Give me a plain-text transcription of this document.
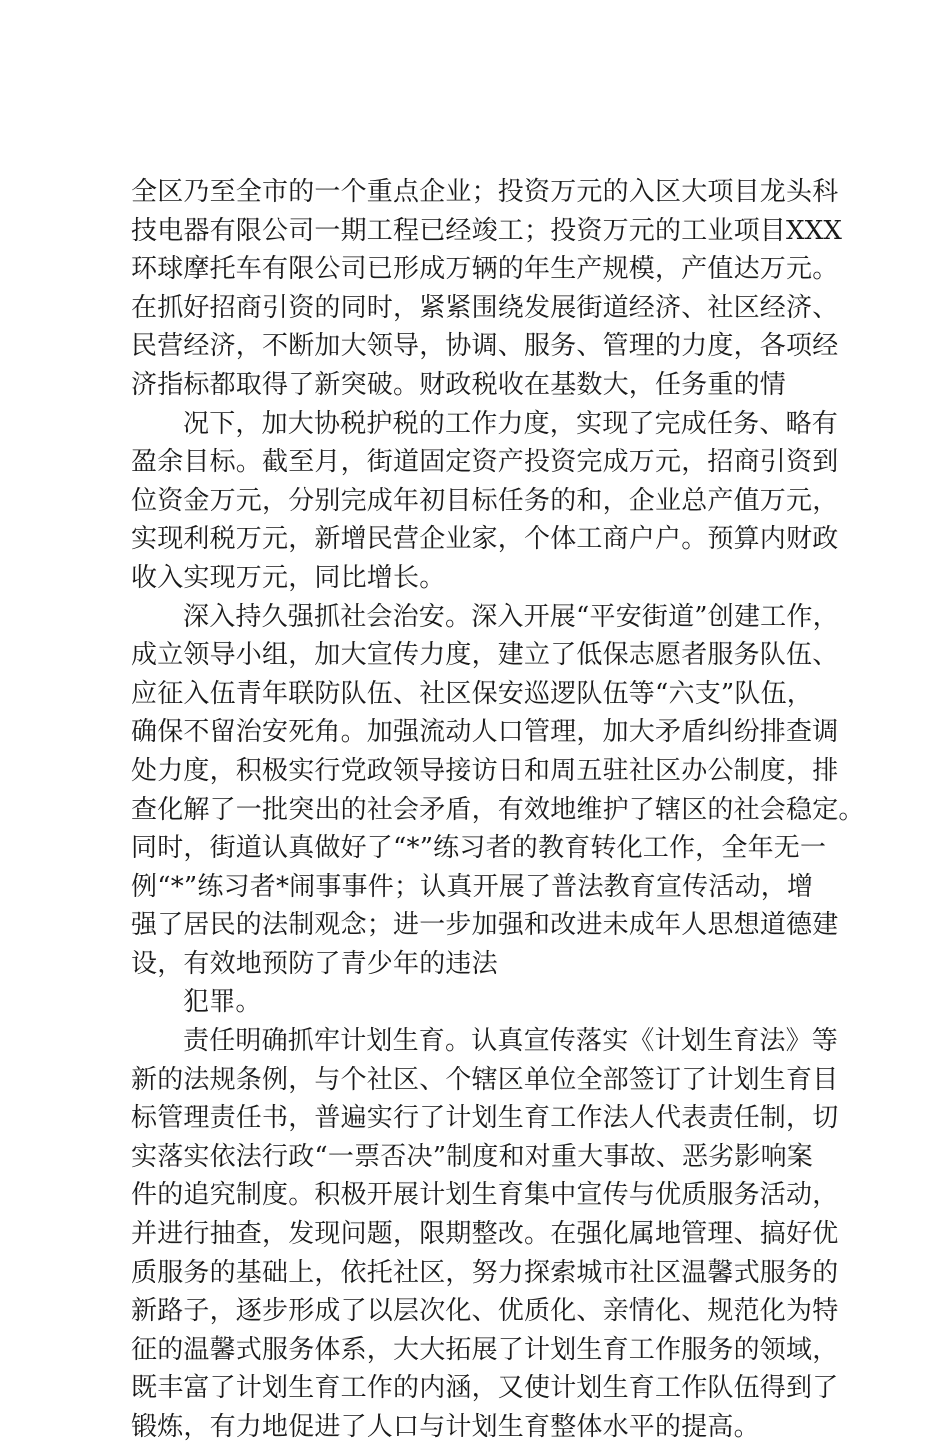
全区乃至全市的一个重点企业；投资万元的入区大项目龙头科
技电器有限公司一期工程已经竣工；投资万元的工业项目XXX
环球摩托车有限公司已形成万辆的年生产规模，产值达万元。
在抓好招商引资的同时，紧紧围绕发展街道经济、社区经济、
民营经济，不断加大领导，协调、服务、管理的力度，各项经
济指标都取得了新突破。财政税收在基数大，任务重的情
况下，加大协税护税的工作力度，实现了完成任务、略有
盈余目标。截至月，街道固定资产投资完成万元，招商引资到
位资金万元，分别完成年初目标任务的和，企业总产值万元，
实现利税万元，新增民营企业家，个体工商户户。预算内财政
收入实现万元，同比增长。
深入持久强抓社会治安。深入开展“平安街道”创建工作，
成立领导小组，加大宣传力度，建立了低保志愿者服务队伍、
应征入伍青年联防队伍、社区保安巡逻队伍等“六支”队伍，
确保不留治安死角。加强流动人口管理，加大矛盾纠纷排查调
处力度，积极实行党政领导接访日和周五驻社区办公制度，排
查化解了一批突出的社会矛盾，有效地维护了辖区的社会稳定。
同时，街道认真做好了“*”练习者的教育转化工作，全年无一
例“*”练习者*闹事事件；认真开展了普法教育宣传活动，增
强了居民的法制观念；进一步加强和改进未成年人思想道德建
设，有效地预防了青少年的违法
犯罪。
责任明确抓牢计划生育。认真宣传落实《计划生育法》等
新的法规条例，与个社区、个辖区单位全部签订了计划生育目
标管理责任书，普遍实行了计划生育工作法人代表责任制，切
实落实依法行政“一票否决”制度和对重大事故、恶劣影响案
件的追究制度。积极开展计划生育集中宣传与优质服务活动，
并进行抽查，发现问题，限期整改。在强化属地管理、搞好优
质服务的基础上，依托社区，努力探索城市社区温馨式服务的
新路子，逐步形成了以层次化、优质化、亲情化、规范化为特
征的温馨式服务体系，大大拓展了计划生育工作服务的领域，
既丰富了计划生育工作的内涵，又使计划生育工作队伍得到了
锻炼，有力地促进了人口与计划生育整体水平的提高。
